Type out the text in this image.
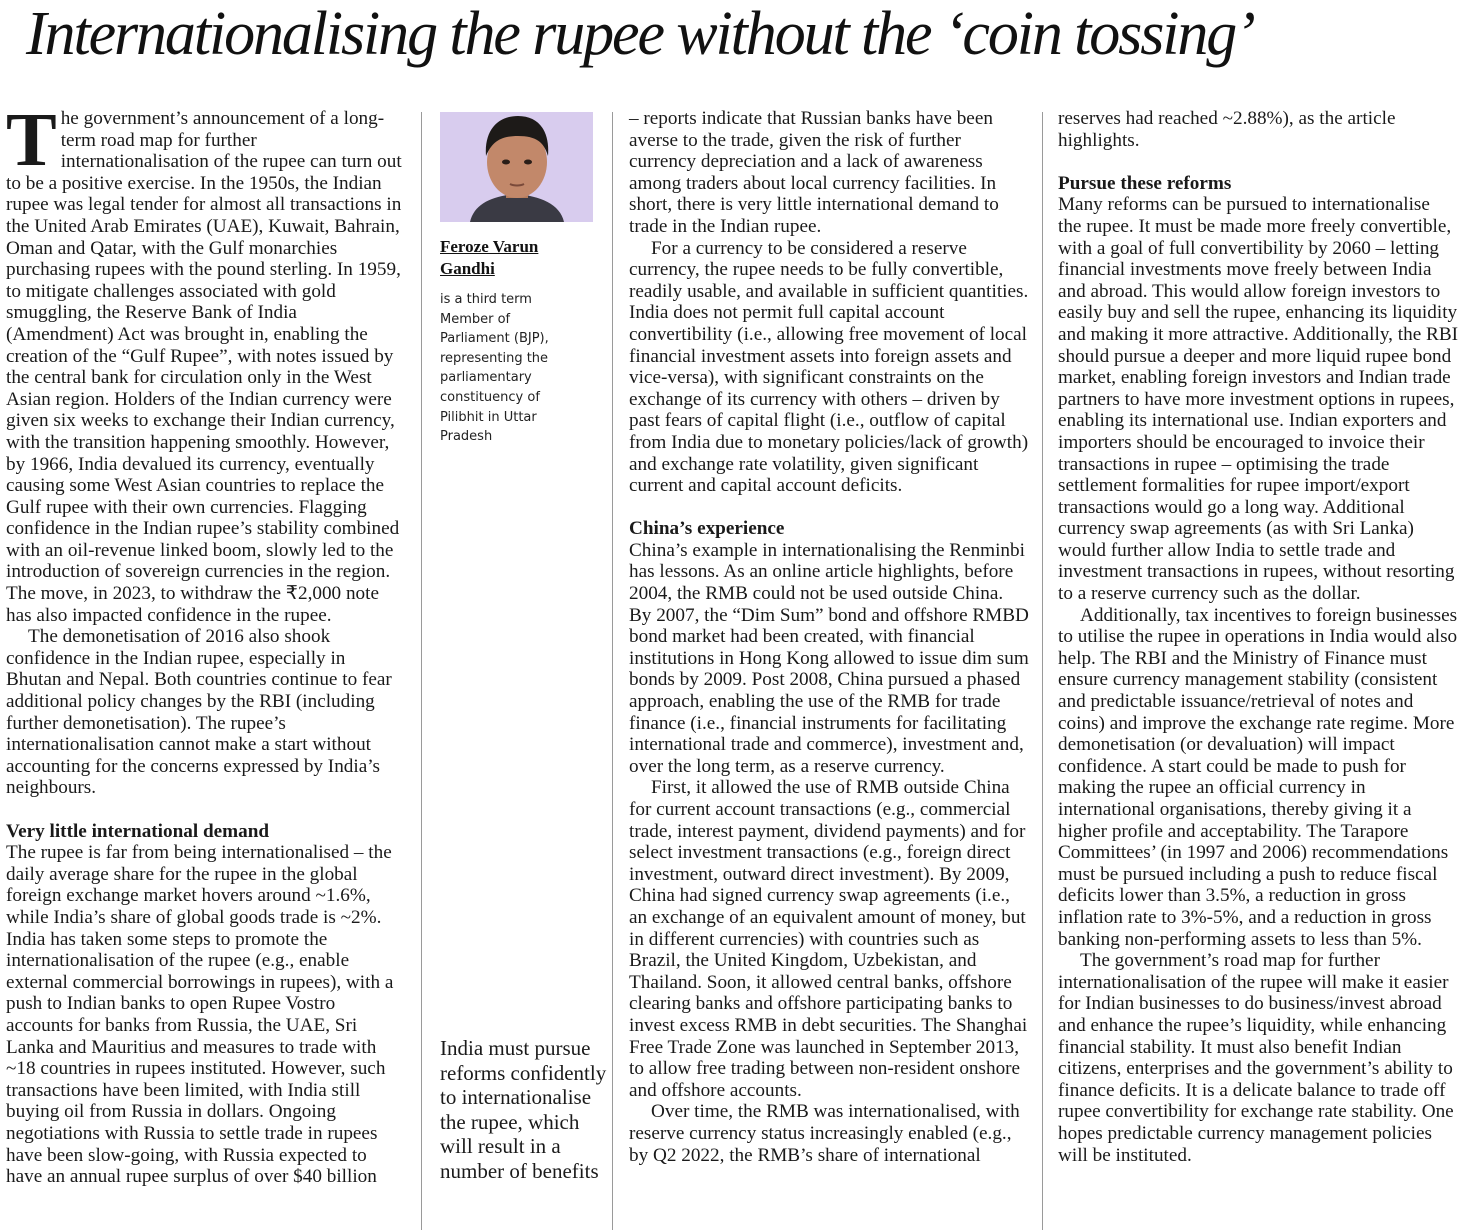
Internationalising the rupee without the ‘coin tossing’

The government’s announcement of a long-term road map for further internationalisation of the rupee can turn out to be a positive exercise. In the 1950s, the Indian rupee was legal tender for almost all transactions in the United Arab Emirates (UAE), Kuwait, Bahrain, Oman and Qatar, with the Gulf monarchies purchasing rupees with the pound sterling. In 1959, to mitigate challenges associated with gold smuggling, the Reserve Bank of India (Amendment) Act was brought in, enabling the creation of the “Gulf Rupee”, with notes issued by the central bank for circulation only in the West Asian region. Holders of the Indian currency were given six weeks to exchange their Indian currency, with the transition happening smoothly. However, by 1966, India devalued its currency, eventually causing some West Asian countries to replace the Gulf rupee with their own currencies. Flagging confidence in the Indian rupee’s stability combined with an oil-revenue linked boom, slowly led to the introduction of sovereign currencies in the region. The move, in 2023, to withdraw the ₹2,000 note has also impacted confidence in the rupee.

The demonetisation of 2016 also shook confidence in the Indian rupee, especially in Bhutan and Nepal. Both countries continue to fear additional policy changes by the RBI (including further demonetisation). The rupee’s internationalisation cannot make a start without accounting for the concerns expressed by India’s neighbours.

Very little international demand

The rupee is far from being internationalised – the daily average share for the rupee in the global foreign exchange market hovers around ~1.6%, while India’s share of global goods trade is ~2%. India has taken some steps to promote the internationalisation of the rupee (e.g., enable external commercial borrowings in rupees), with a push to Indian banks to open Rupee Vostro accounts for banks from Russia, the UAE, Sri Lanka and Mauritius and measures to trade with ~18 countries in rupees instituted. However, such transactions have been limited, with India still buying oil from Russia in dollars. Ongoing negotiations with Russia to settle trade in rupees have been slow-going, with Russia expected to have an annual rupee surplus of over $40 billion

Feroze Varun Gandhi
is a third term Member of Parliament (BJP), representing the parliamentary constituency of Pilibhit in Uttar Pradesh

India must pursue reforms confidently to internationalise the rupee, which will result in a number of benefits

– reports indicate that Russian banks have been averse to the trade, given the risk of further currency depreciation and a lack of awareness among traders about local currency facilities. In short, there is very little international demand to trade in the Indian rupee.

For a currency to be considered a reserve currency, the rupee needs to be fully convertible, readily usable, and available in sufficient quantities. India does not permit full capital account convertibility (i.e., allowing free movement of local financial investment assets into foreign assets and vice-versa), with significant constraints on the exchange of its currency with others – driven by past fears of capital flight (i.e., outflow of capital from India due to monetary policies/lack of growth) and exchange rate volatility, given significant current and capital account deficits.

China’s experience

China’s example in internationalising the Renminbi has lessons. As an online article highlights, before 2004, the RMB could not be used outside China. By 2007, the “Dim Sum” bond and offshore RMBD bond market had been created, with financial institutions in Hong Kong allowed to issue dim sum bonds by 2009. Post 2008, China pursued a phased approach, enabling the use of the RMB for trade finance (i.e., financial instruments for facilitating international trade and commerce), investment and, over the long term, as a reserve currency.

First, it allowed the use of RMB outside China for current account transactions (e.g., commercial trade, interest payment, dividend payments) and for select investment transactions (e.g., foreign direct investment, outward direct investment). By 2009, China had signed currency swap agreements (i.e., an exchange of an equivalent amount of money, but in different currencies) with countries such as Brazil, the United Kingdom, Uzbekistan, and Thailand. Soon, it allowed central banks, offshore clearing banks and offshore participating banks to invest excess RMB in debt securities. The Shanghai Free Trade Zone was launched in September 2013, to allow free trading between non-resident onshore and offshore accounts.

Over time, the RMB was internationalised, with reserve currency status increasingly enabled (e.g., by Q2 2022, the RMB’s share of international

reserves had reached ~2.88%), as the article highlights.

Pursue these reforms

Many reforms can be pursued to internationalise the rupee. It must be made more freely convertible, with a goal of full convertibility by 2060 – letting financial investments move freely between India and abroad. This would allow foreign investors to easily buy and sell the rupee, enhancing its liquidity and making it more attractive. Additionally, the RBI should pursue a deeper and more liquid rupee bond market, enabling foreign investors and Indian trade partners to have more investment options in rupees, enabling its international use. Indian exporters and importers should be encouraged to invoice their transactions in rupee – optimising the trade settlement formalities for rupee import/export transactions would go a long way. Additional currency swap agreements (as with Sri Lanka) would further allow India to settle trade and investment transactions in rupees, without resorting to a reserve currency such as the dollar.

Additionally, tax incentives to foreign businesses to utilise the rupee in operations in India would also help. The RBI and the Ministry of Finance must ensure currency management stability (consistent and predictable issuance/retrieval of notes and coins) and improve the exchange rate regime. More demonetisation (or devaluation) will impact confidence. A start could be made to push for making the rupee an official currency in international organisations, thereby giving it a higher profile and acceptability. The Tarapore Committees’ (in 1997 and 2006) recommendations must be pursued including a push to reduce fiscal deficits lower than 3.5%, a reduction in gross inflation rate to 3%-5%, and a reduction in gross banking non-performing assets to less than 5%.

The government’s road map for further internationalisation of the rupee will make it easier for Indian businesses to do business/invest abroad and enhance the rupee’s liquidity, while enhancing financial stability. It must also benefit Indian citizens, enterprises and the government’s ability to finance deficits. It is a delicate balance to trade off rupee convertibility for exchange rate stability. One hopes predictable currency management policies will be instituted.
